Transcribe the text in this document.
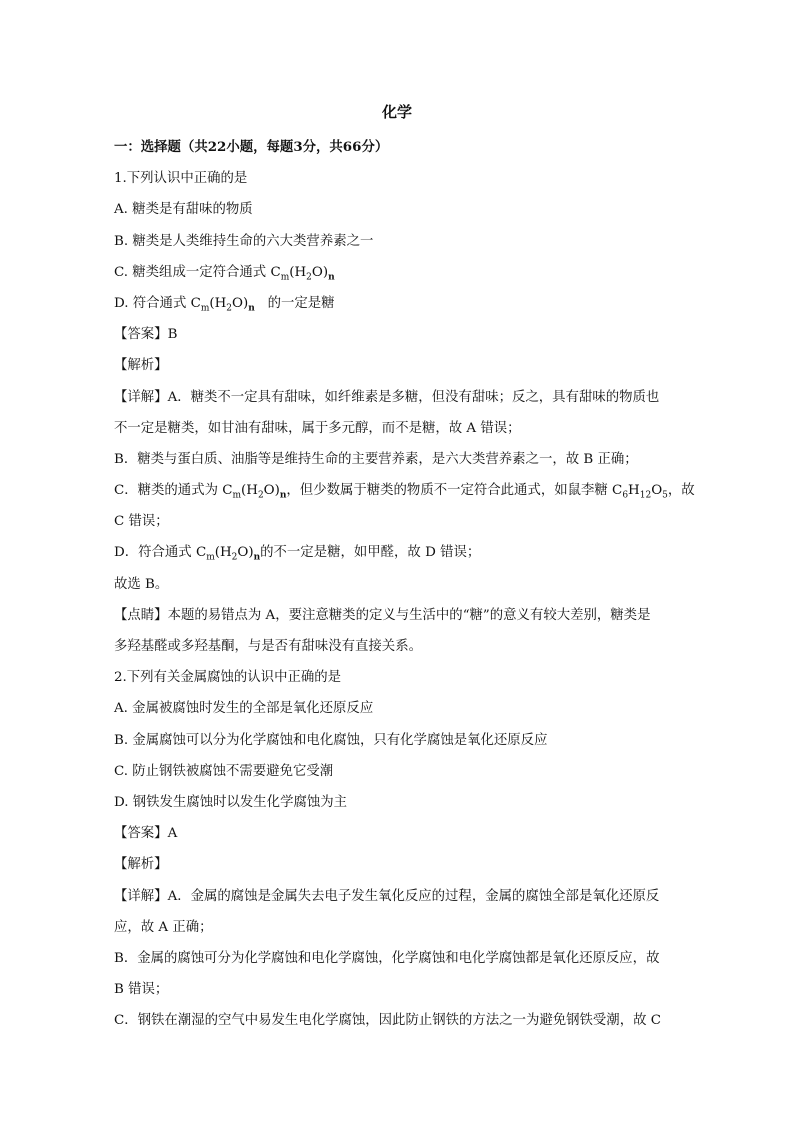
化学
一：选择题（共22小题，每题3分，共66分）
1.下列认识中正确的是
A. 糖类是有甜味的物质
B. 糖类是人类维持生命的六大类营养素之一
C. 糖类组成一定符合通式 $C_m(H_2O)_n$
D. 符合通式 $C_m(H_2O)_n$ 的一定是糖
【答案】B
【解析】
【详解】A．糖类不一定具有甜味，如纤维素是多糖，但没有甜味；反之，具有甜味的物质也
不一定是糖类，如甘油有甜味，属于多元醇，而不是糖，故 A 错误；
B．糖类与蛋白质、油脂等是维持生命的主要营养素，是六大类营养素之一，故 B 正确；
C．糖类的通式为 $C_m(H_2O)_n$，但少数属于糖类的物质不一定符合此通式，如鼠李糖 $C_6H_{12}O_5$，故
C 错误；
D．符合通式 $C_m(H_2O)_n$的不一定是糖，如甲醛，故 D 错误；
故选 B。
【点睛】本题的易错点为 A，要注意糖类的定义与生活中的“糖”的意义有较大差别，糖类是
多羟基醛或多羟基酮，与是否有甜味没有直接关系。
2.下列有关金属腐蚀的认识中正确的是
A. 金属被腐蚀时发生的全部是氧化还原反应
B. 金属腐蚀可以分为化学腐蚀和电化腐蚀，只有化学腐蚀是氧化还原反应
C. 防止钢铁被腐蚀不需要避免它受潮
D. 钢铁发生腐蚀时以发生化学腐蚀为主
【答案】A
【解析】
【详解】A．金属的腐蚀是金属失去电子发生氧化反应的过程，金属的腐蚀全部是氧化还原反
应，故 A 正确；
B．金属的腐蚀可分为化学腐蚀和电化学腐蚀，化学腐蚀和电化学腐蚀都是氧化还原反应，故
B 错误；
C．钢铁在潮湿的空气中易发生电化学腐蚀，因此防止钢铁的方法之一为避免钢铁受潮，故 C
